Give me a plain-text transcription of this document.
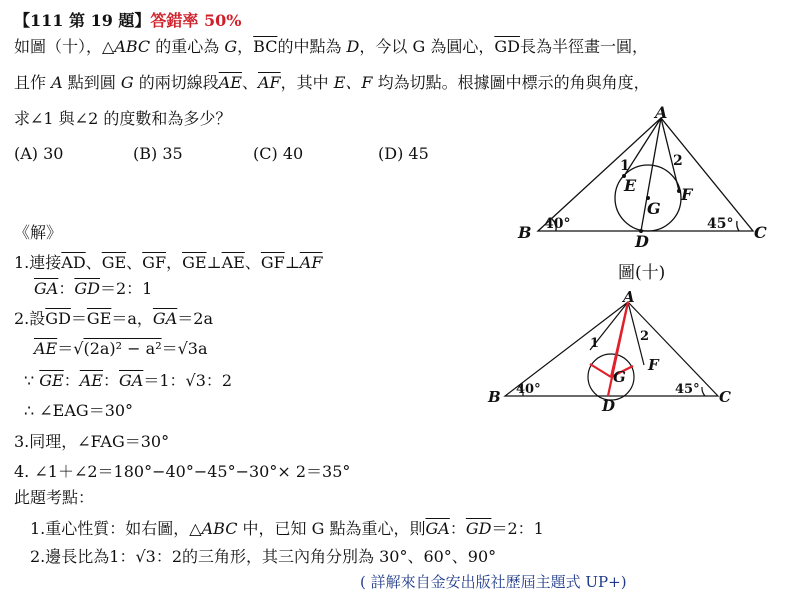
【111 第 19 題】答錯率 50%
如圖（十），△ABC 的重心為 G，$\overline{BC}$的中點為 D，今以 G 為圓心，$\overline{GD}$長為半徑畫一圓，
且作 A 點到圓 G 的兩切線段$\overline{AE}$、$\overline{AF}$，其中 E、F 均為切點。根據圖中標示的角與角度，
求∠1 與∠2 的度數和為多少？
(A) 30	(B) 35	(C) 40	(D) 45
A
B	C
D
E	F
G
1	2
40°	45°
圖(十)
A
B	C
D
F
G
1	2
40°	45°
《解》
1.連接$\overline{AD}$、$\overline{GE}$、$\overline{GF}$，$\overline{GE}\perp\overline{AE}$、$\overline{GF}\perp\overline{AF}$
$\overline{GA}$：$\overline{GD}=2$：1
2.設$\overline{GD}=\overline{GE}=a$，$\overline{GA}=2a$
$\overline{AE}=√(2a)^2 - a^2=√3a$
∵ $\overline{GE}$：$\overline{AE}$：$\overline{GA}=1$：√3：2
∴ ∠EAG＝30°
3.同理，∠FAG＝30°
4. ∠1＋∠2＝180°−40°−45°−30°× 2＝35°
此題考點：
1.重心性質：如右圖，△ABC 中，已知 G 點為重心，則$\overline{GA}$：$\overline{GD}=2$：1
2.邊長比為1：√3：2的三角形，其三內角分別為 30°、60°、90°
( 詳解來自金安出版社歷屆主題式 UP+)
